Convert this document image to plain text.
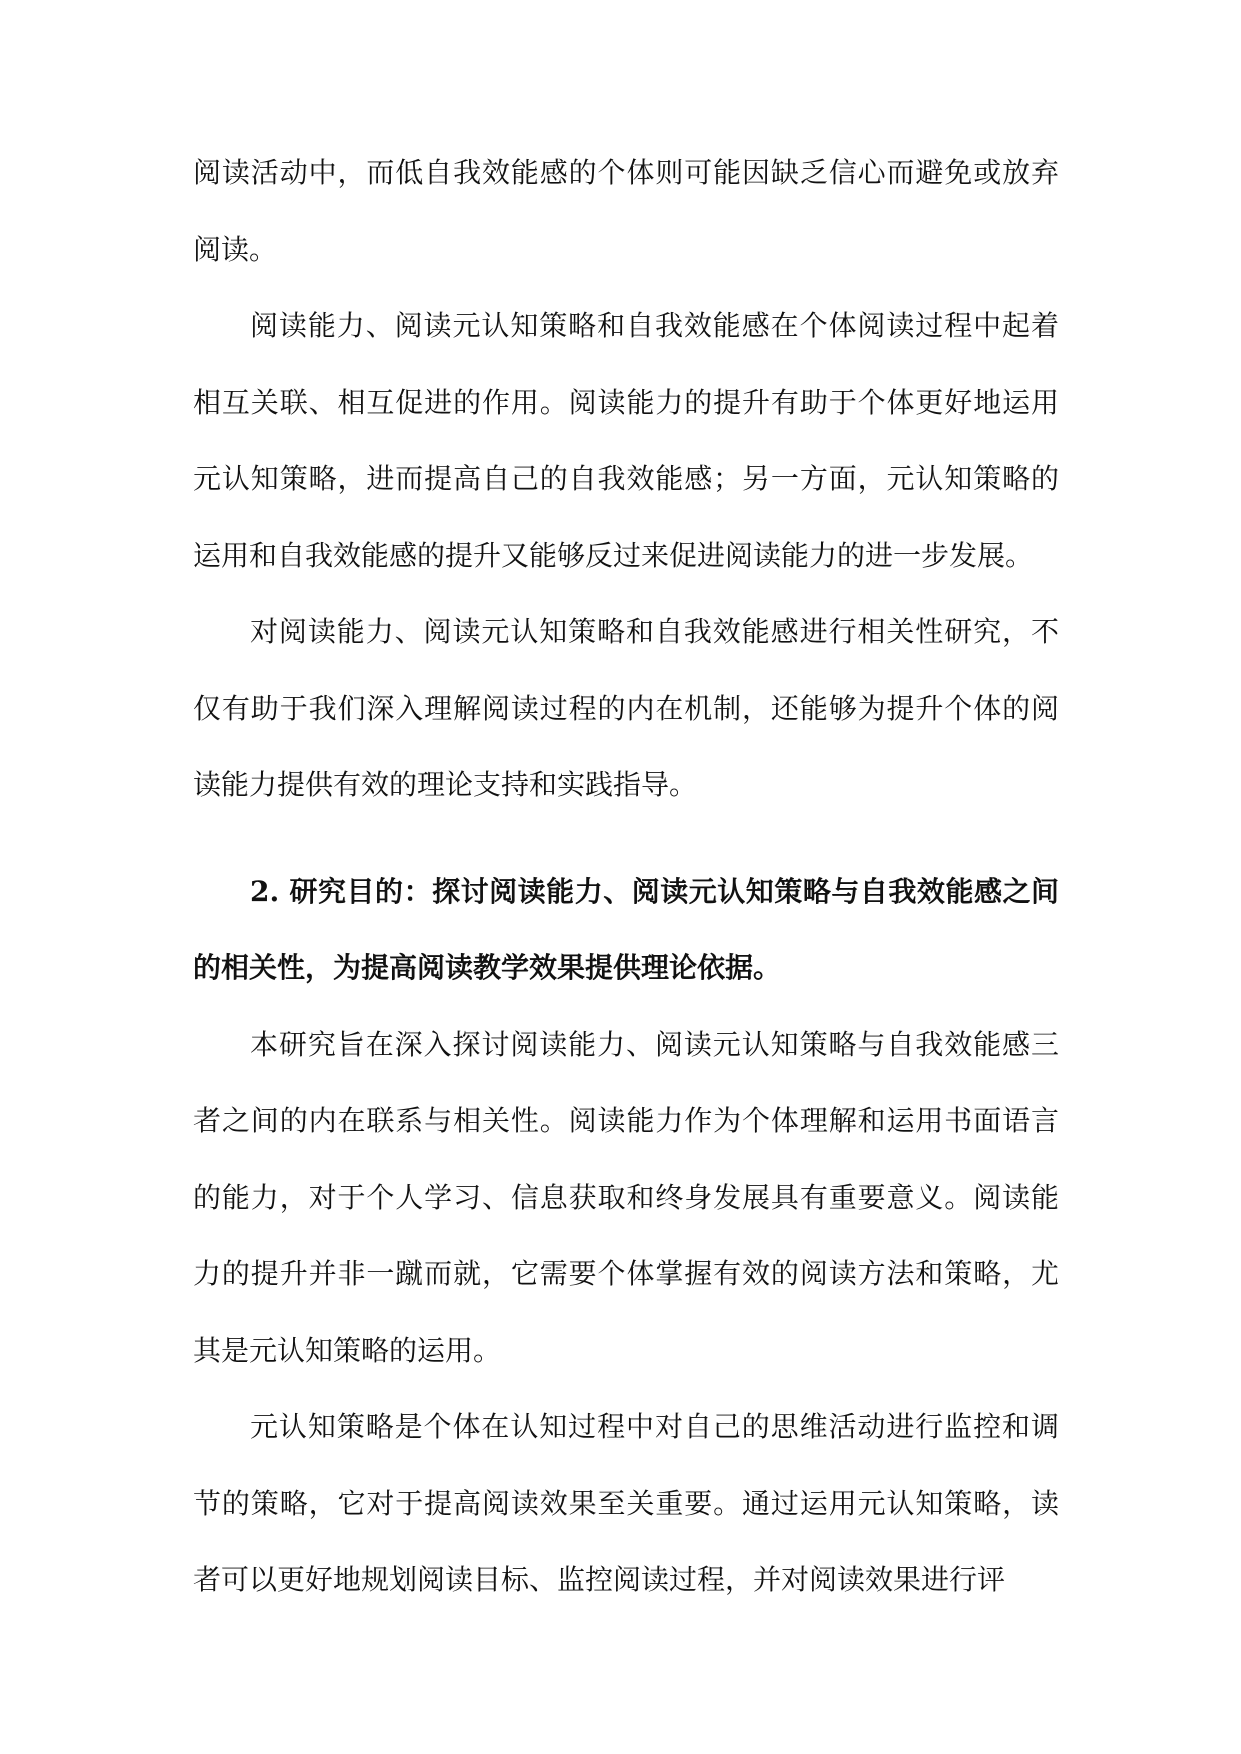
阅读活动中，而低自我效能感的个体则可能因缺乏信心而避免或放弃阅读。

阅读能力、阅读元认知策略和自我效能感在个体阅读过程中起着相互关联、相互促进的作用。阅读能力的提升有助于个体更好地运用元认知策略，进而提高自己的自我效能感；另一方面，元认知策略的运用和自我效能感的提升又能够反过来促进阅读能力的进一步发展。

对阅读能力、阅读元认知策略和自我效能感进行相关性研究，不仅有助于我们深入理解阅读过程的内在机制，还能够为提升个体的阅读能力提供有效的理论支持和实践指导。

2. 研究目的：探讨阅读能力、阅读元认知策略与自我效能感之间的相关性，为提高阅读教学效果提供理论依据。

本研究旨在深入探讨阅读能力、阅读元认知策略与自我效能感三者之间的内在联系与相关性。阅读能力作为个体理解和运用书面语言的能力，对于个人学习、信息获取和终身发展具有重要意义。阅读能力的提升并非一蹴而就，它需要个体掌握有效的阅读方法和策略，尤其是元认知策略的运用。

元认知策略是个体在认知过程中对自己的思维活动进行监控和调节的策略，它对于提高阅读效果至关重要。通过运用元认知策略，读者可以更好地规划阅读目标、监控阅读过程，并对阅读效果进行评
